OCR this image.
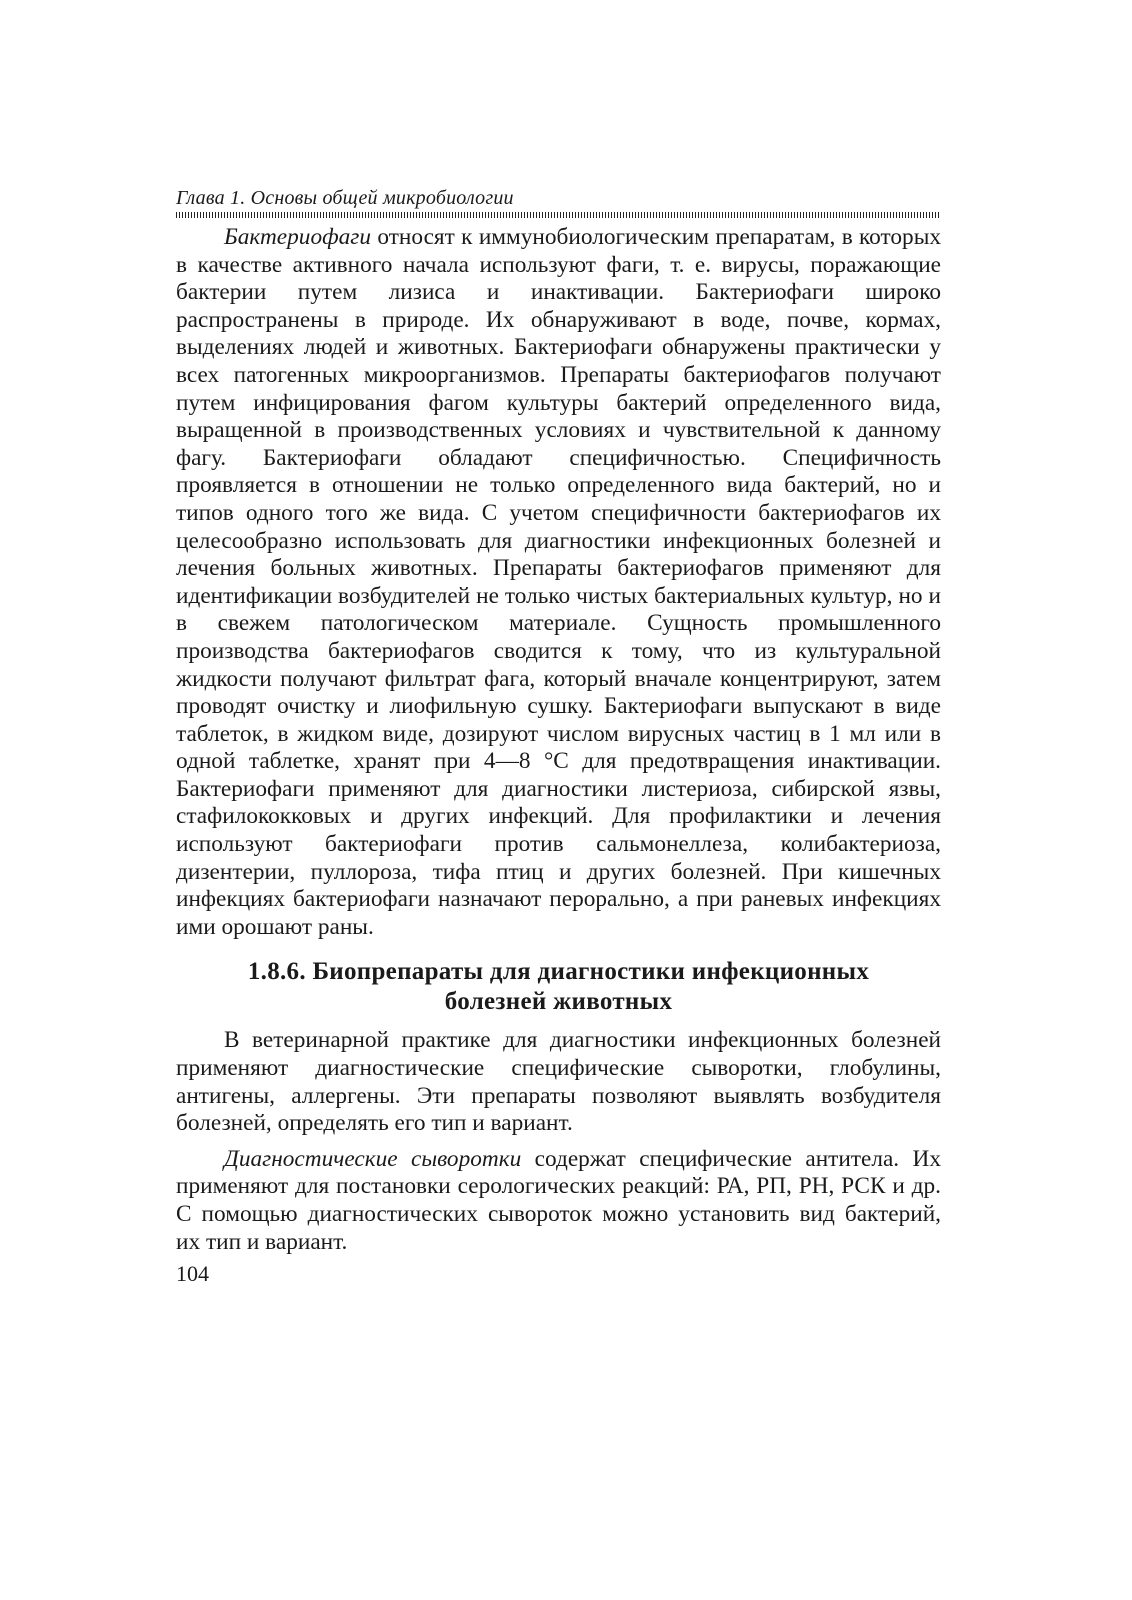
Глава 1. Основы общей микробиологии

Бактериофаги относят к иммунобиологическим препаратам, в которых в качестве активного начала используют фаги, т. е. вирусы, поражающие бактерии путем лизиса и инактивации. Бактериофаги широко распространены в природе. Их обнаруживают в воде, почве, кормах, выделениях людей и животных. Бактериофаги обнаружены практически у всех патогенных микроорганизмов. Препараты бактериофагов получают путем инфицирования фагом культуры бактерий определенного вида, выращенной в производственных условиях и чувствительной к данному фагу. Бактериофаги обладают специфичностью. Специфичность проявляется в отношении не только определенного вида бактерий, но и типов одного того же вида. С учетом специфичности бактериофагов их целесообразно использовать для диагностики инфекционных болезней и лечения больных животных. Препараты бактериофагов применяют для идентификации возбудителей не только чистых бактериальных культур, но и в свежем патологическом материале. Сущность промышленного производства бактериофагов сводится к тому, что из культуральной жидкости получают фильтрат фага, который вначале концентрируют, затем проводят очистку и лиофильную сушку. Бактериофаги выпускают в виде таблеток, в жидком виде, дозируют числом вирусных частиц в 1 мл или в одной таблетке, хранят при 4—8 °С для предотвращения инактивации. Бактериофаги применяют для диагностики листериоза, сибирской язвы, стафилококковых и других инфекций. Для профилактики и лечения используют бактериофаги против сальмонеллеза, колибактериоза, дизентерии, пуллороза, тифа птиц и других болезней. При кишечных инфекциях бактериофаги назначают перорально, а при раневых инфекциях ими орошают раны.

1.8.6. Биопрепараты для диагностики инфекционных
болезней животных

В ветеринарной практике для диагностики инфекционных болезней применяют диагностические специфические сыворотки, глобулины, антигены, аллергены. Эти препараты позволяют выявлять возбудителя болезней, определять его тип и вариант.

Диагностические сыворотки содержат специфические антитела. Их применяют для постановки серологических реакций: РА, РП, РН, РСК и др. С помощью диагностических сывороток можно установить вид бактерий, их тип и вариант.

104
